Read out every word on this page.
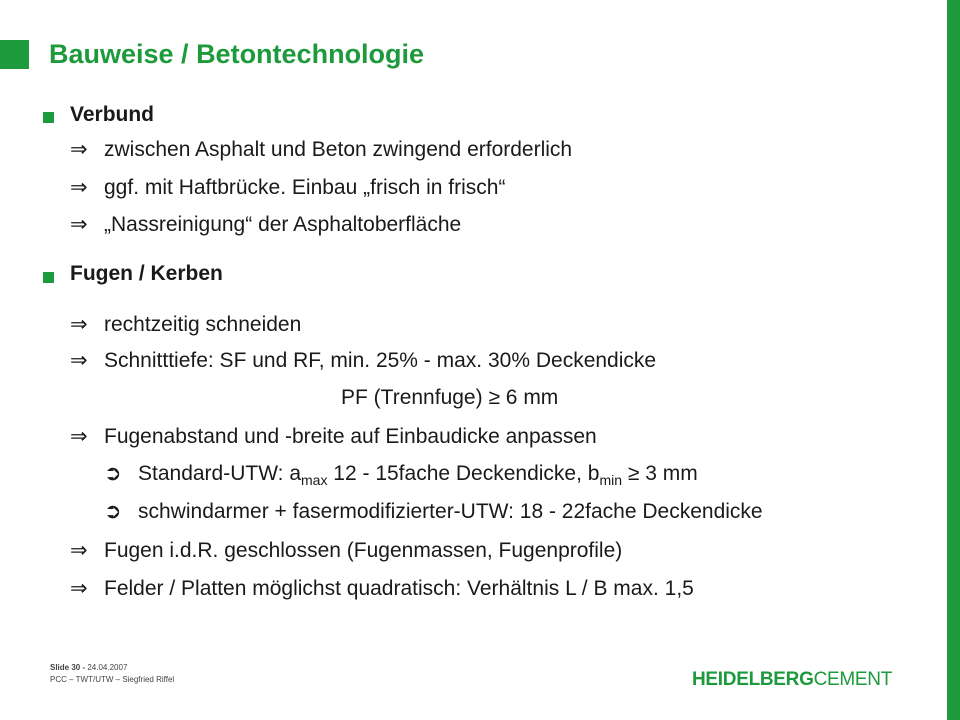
Bauweise / Betontechnologie
Verbund
⇒ zwischen Asphalt und Beton zwingend erforderlich
⇒ ggf. mit Haftbrücke. Einbau „frisch in frisch“
⇒ „Nassreinigung“ der Asphaltoberfläche
Fugen / Kerben
⇒ rechtzeitig schneiden
⇒ Schnitttiefe: SF und RF, min. 25% - max. 30% Deckendicke
PF (Trennfuge) ≥ 6 mm
⇒ Fugenabstand und -breite auf Einbaudicke anpassen
➲ Standard-UTW: $a_{max}$ 12 - 15fache Deckendicke, $b_{min} \ge 3$ mm
➲ schwindarmer + fasermodifizierter-UTW: 18 - 22fache Deckendicke
⇒ Fugen i.d.R. geschlossen (Fugenmassen, Fugenprofile)
⇒ Felder / Platten möglichst quadratisch: Verhältnis L / B max. 1,5
Slide 30 - 24.04.2007
PCC – TWT/UTW – Siegfried Riffel	HEIDELBERGCEMENT
